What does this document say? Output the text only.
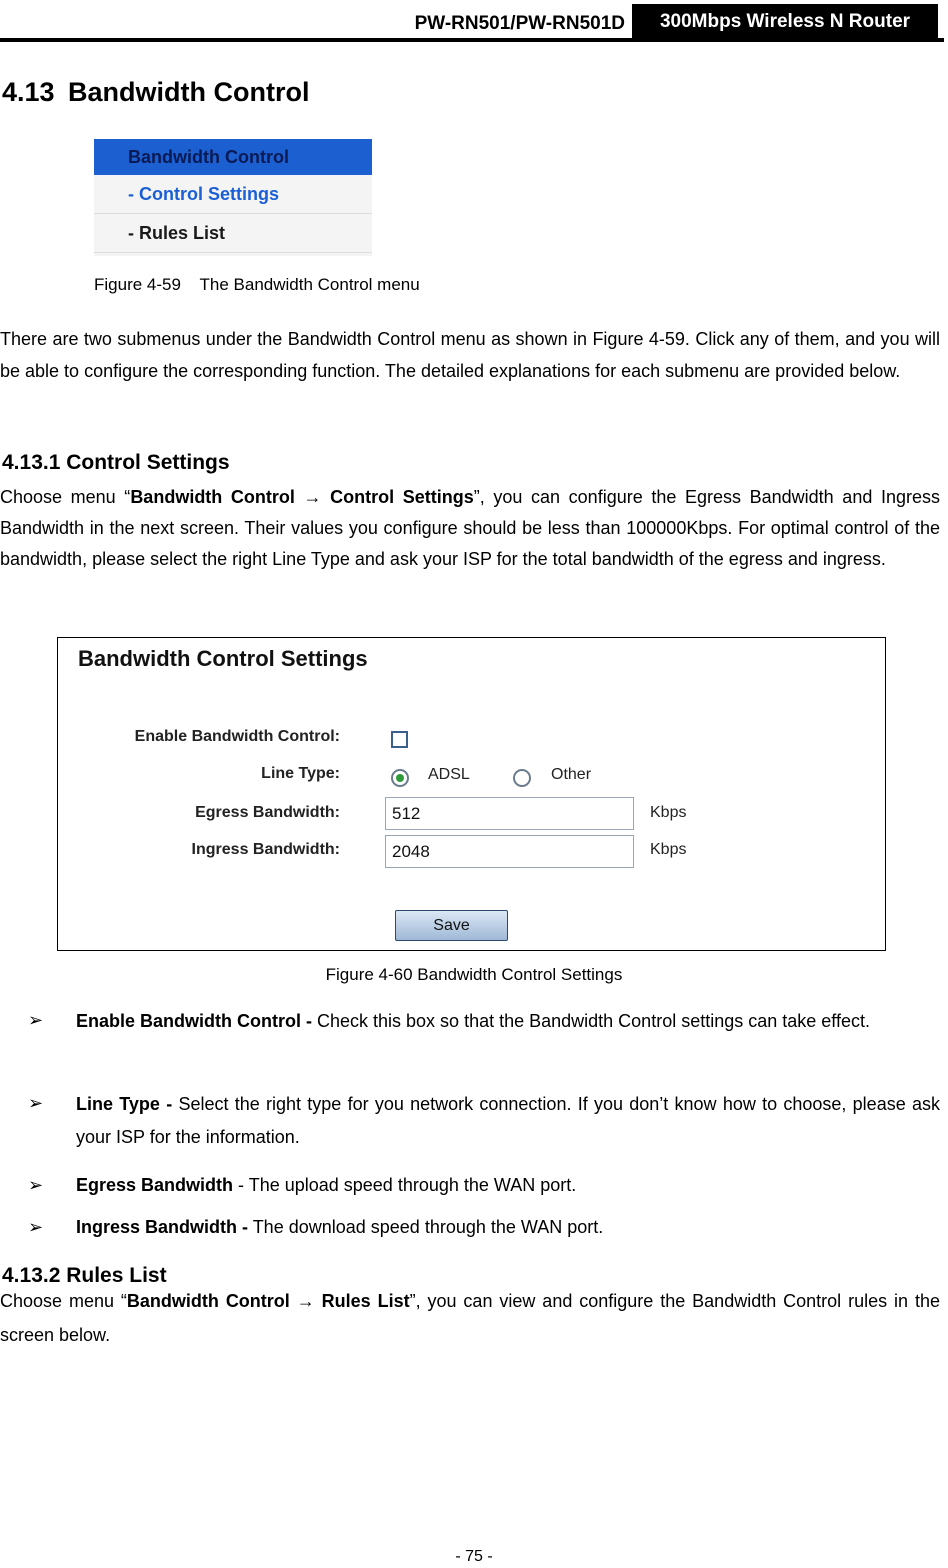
PW-RN501/PW-RN501D	300Mbps Wireless N Router
4.13 Bandwidth Control
Bandwidth Control
- Control Settings
- Rules List
Figure 4-59    The Bandwidth Control menu
There are two submenus under the Bandwidth Control menu as shown in Figure 4-59. Click any of them, and you will be able to configure the corresponding function. The detailed explanations for each submenu are provided below.
4.13.1 Control Settings
Choose menu “Bandwidth Control → Control Settings”, you can configure the Egress Bandwidth and Ingress Bandwidth in the next screen. Their values you configure should be less than 100000Kbps. For optimal control of the bandwidth, please select the right Line Type and ask your ISP for the total bandwidth of the egress and ingress.
Bandwidth Control Settings
Enable Bandwidth Control:
Line Type:	ADSL	Other
Egress Bandwidth:	512	Kbps
Ingress Bandwidth:	2048	Kbps
Save
Figure 4-60 Bandwidth Control Settings
➢ Enable Bandwidth Control - Check this box so that the Bandwidth Control settings can take effect.
➢ Line Type - Select the right type for you network connection. If you don’t know how to choose, please ask your ISP for the information.
➢ Egress Bandwidth - The upload speed through the WAN port.
➢ Ingress Bandwidth - The download speed through the WAN port.
4.13.2 Rules List
Choose menu “Bandwidth Control → Rules List”, you can view and configure the Bandwidth Control rules in the screen below.
- 75 -
